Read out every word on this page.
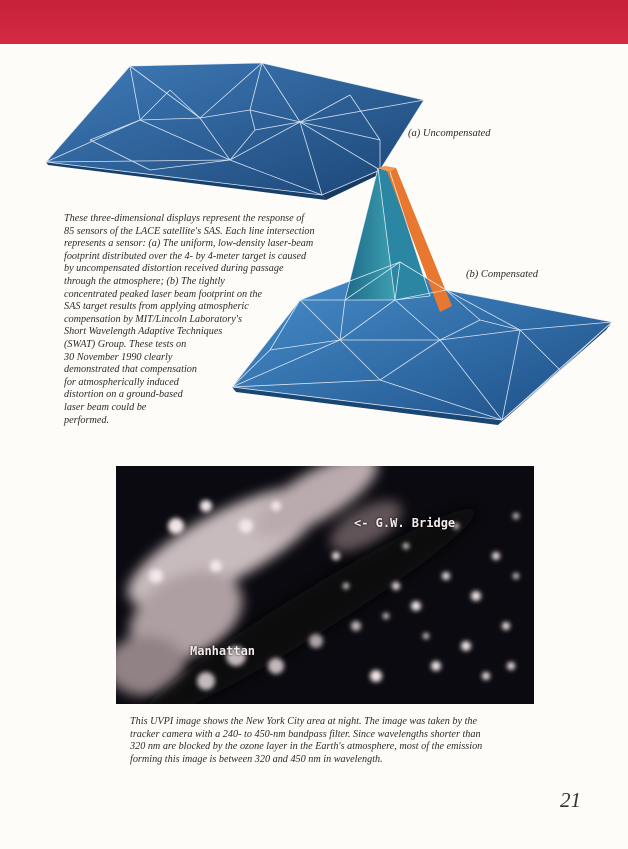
(a) Uncompensated
(b) Compensated
These three-dimensional displays represent the response of
85 sensors of the LACE satellite's SAS. Each line intersection
represents a sensor: (a) The uniform, low-density laser-beam
footprint distributed over the 4- by 4-meter target is caused
by uncompensated distortion received during passage
through the atmosphere; (b) The tightly
concentrated peaked laser beam footprint on the
SAS target results from applying atmospheric
compensation by MIT/Lincoln Laboratory's
Short Wavelength Adaptive Techniques
(SWAT) Group. These tests on
30 November 1990 clearly
demonstrated that compensation
for atmospherically induced
distortion on a ground-based
laser beam could be
performed.
<- G.W. Bridge
Manhattan
This UVPI image shows the New York City area at night. The image was taken by the
tracker camera with a 240- to 450-nm bandpass filter. Since wavelengths shorter than
320 nm are blocked by the ozone layer in the Earth's atmosphere, most of the emission
forming this image is between 320 and 450 nm in wavelength.
21
